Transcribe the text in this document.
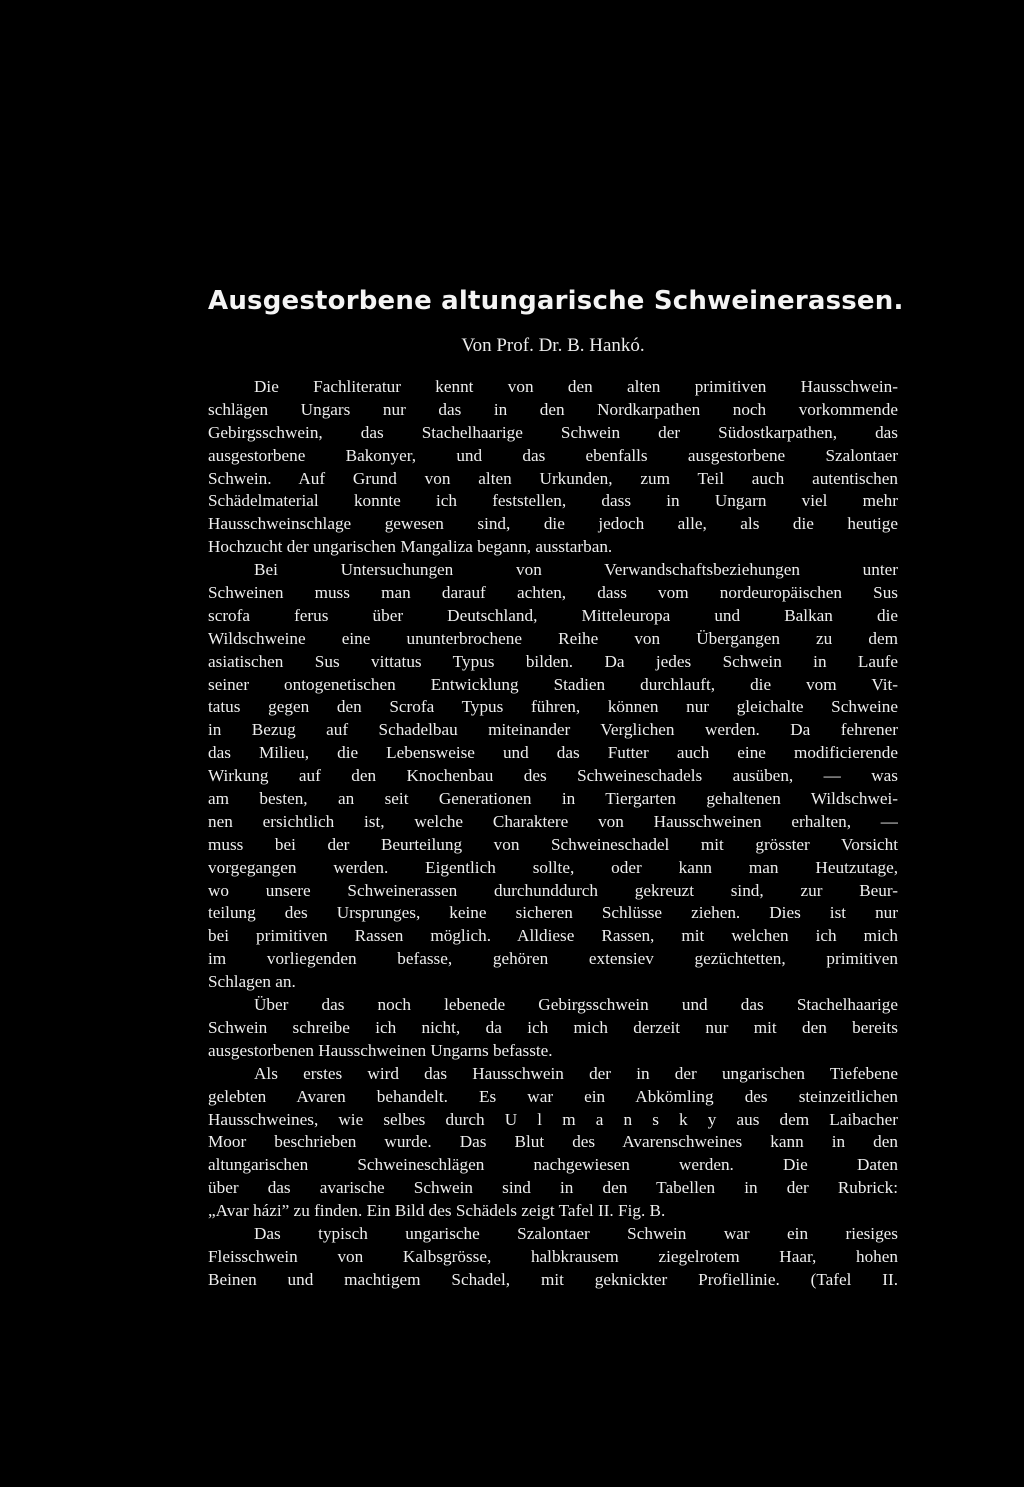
Ausgestorbene altungarische Schweinerassen.
Von Prof. Dr. B. Hankó.
Die Fachliteratur kennt von den alten primitiven Hausschwein-
schlägen Ungars nur das in den Nordkarpathen noch vorkommende
Gebirgsschwein, das Stachelhaarige Schwein der Südostkarpathen, das
ausgestorbene Bakonyer, und das ebenfalls ausgestorbene Szalontaer
Schwein. Auf Grund von alten Urkunden, zum Teil auch autentischen
Schädelmaterial konnte ich feststellen, dass in Ungarn viel mehr
Hausschweinschlage gewesen sind, die jedoch alle, als die heutige
Hochzucht der ungarischen Mangaliza begann, ausstarban.
Bei Untersuchungen von Verwandschaftsbeziehungen unter
Schweinen muss man darauf achten, dass vom nordeuropäischen Sus
scrofa ferus über Deutschland, Mitteleuropa und Balkan die
Wildschweine eine ununterbrochene Reihe von Übergangen zu dem
asiatischen Sus vittatus Typus bilden. Da jedes Schwein in Laufe
seiner ontogenetischen Entwicklung Stadien durchlauft, die vom Vit-
tatus gegen den Scrofa Typus führen, können nur gleichalte Schweine
in Bezug auf Schadelbau miteinander Verglichen werden. Da fehrener
das Milieu, die Lebensweise und das Futter auch eine modificierende
Wirkung auf den Knochenbau des Schweineschadels ausüben, — was
am besten, an seit Generationen in Tiergarten gehaltenen Wildschwei-
nen ersichtlich ist, welche Charaktere von Hausschweinen erhalten, —
muss bei der Beurteilung von Schweineschadel mit grösster Vorsicht
vorgegangen werden. Eigentlich sollte, oder kann man Heutzutage,
wo unsere Schweinerassen durchunddurch gekreuzt sind, zur Beur-
teilung des Ursprunges, keine sicheren Schlüsse ziehen. Dies ist nur
bei primitiven Rassen möglich. Alldiese Rassen, mit welchen ich mich
im vorliegenden befasse, gehören extensiev gezüchtetten, primitiven
Schlagen an.
Über das noch lebenede Gebirgsschwein und das Stachelhaarige
Schwein schreibe ich nicht, da ich mich derzeit nur mit den bereits
ausgestorbenen Hausschweinen Ungarns befasste.
Als erstes wird das Hausschwein der in der ungarischen Tiefebene
gelebten Avaren behandelt. Es war ein Abkömling des steinzeitlichen
Hausschweines, wie selbes durch U l m a n s k y aus dem Laibacher
Moor beschrieben wurde. Das Blut des Avarenschweines kann in den
altungarischen Schweineschlägen nachgewiesen werden. Die Daten
über das avarische Schwein sind in den Tabellen in der Rubrick:
„Avar házi” zu finden. Ein Bild des Schädels zeigt Tafel II. Fig. B.
Das typisch ungarische Szalontaer Schwein war ein riesiges
Fleisschwein von Kalbsgrösse, halbkrausem ziegelrotem Haar, hohen
Beinen und machtigem Schadel, mit geknickter Profiellinie. (Tafel II.
